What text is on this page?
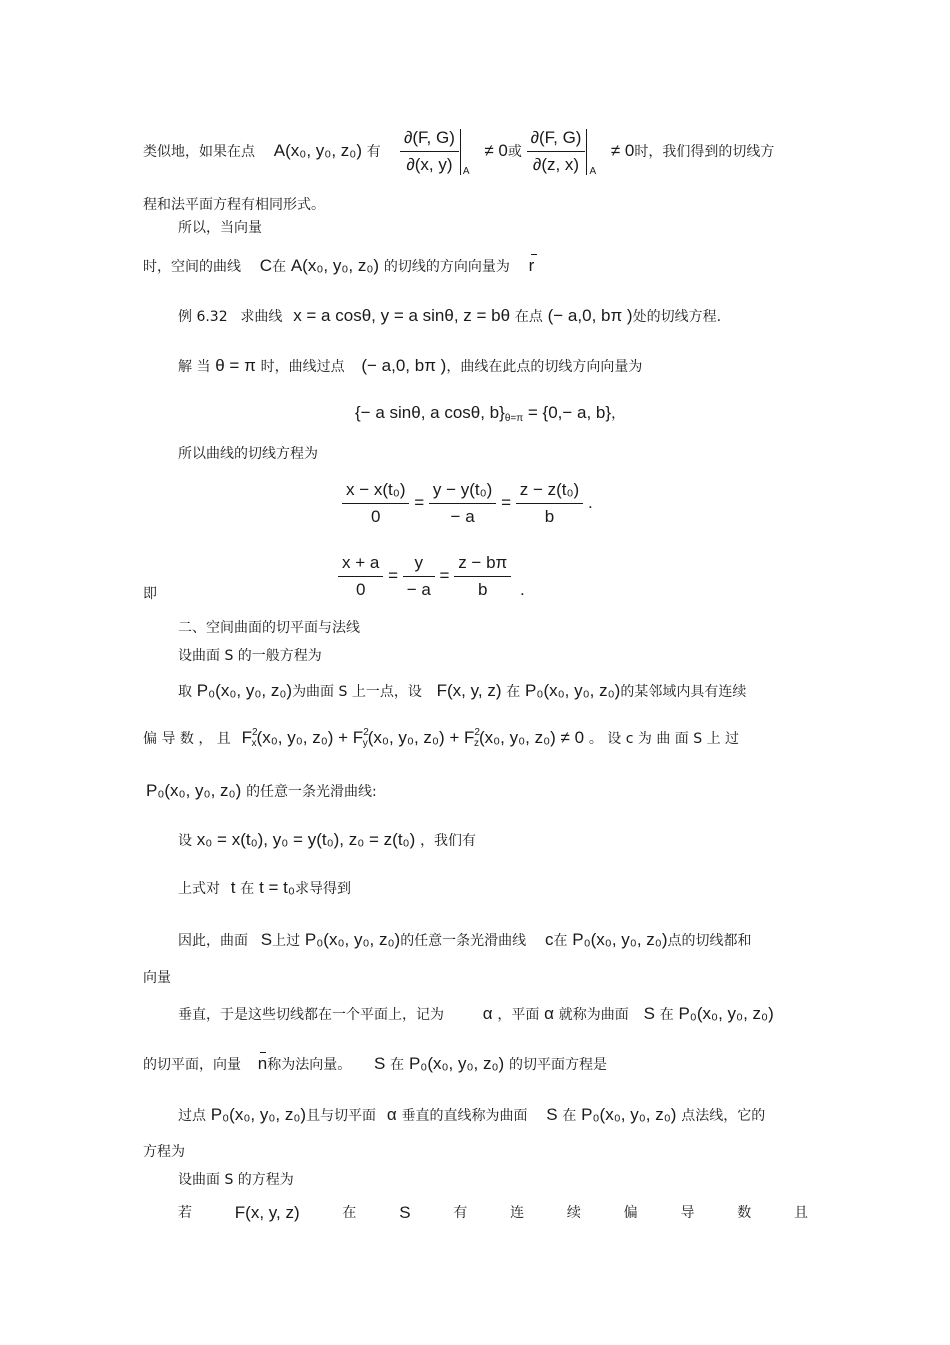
类似地，如果在点 A(x₀, y₀, z₀) 有 $\frac{\partial(F, G)}{\partial(x, y)} _A \ne 0$或 $\frac{\partial(F, G)}{\partial(z, x)} _A \ne 0$时，我们得到的切线方
程和法平面方程有相同形式。
所以，当向量
时，空间的曲线 C在 A(x₀, y₀, z₀) 的切线的方向向量为 r
例 6.32 求曲线 x = a cosθ, y = a sinθ, z = bθ 在点 (− a,0, bπ )处的切线方程.
解 当 θ = π 时，曲线过点 (− a,0, bπ )，曲线在此点的切线方向向量为
{− a sinθ, a cosθ, $b\}_{\theta=\pi} = \{0,- a$, b}，
所以曲线的切线方程为
$\frac{\text{x − x(t₀)}}{0} = \frac{\text{y − y(t₀)}}{- a} = \frac{\text{z − z(t₀)}}{b}$ .
即	$\frac{x + a}{0} = \frac{y}{- a} = \frac{z - b\pi}{b}$ .
二、空间曲面的切平面与法线
设曲面 S 的一般方程为
取 P₀(x₀, y₀, z₀)为曲面 S 上一点，设 F(x, y, z) 在 P₀(x₀, y₀, z₀)的某邻域内具有连续
偏 导 数 ， 且 $F^2_x(x_0$, y₀, $z_0) + F^2_y(x_0$, y₀, $z_0) + F^2_z(x_0$, y₀, z₀) ≠ 0 。 设 c 为 曲 面 S 上 过
P₀(x₀, y₀, z₀) 的任意一条光滑曲线:
设 x₀ = x(t₀), y₀ = y(t₀), z₀ = z(t₀) ，我们有
上式对 t 在 t = t₀求导得到
因此，曲面 S上过 P₀(x₀, y₀, z₀)的任意一条光滑曲线 c在 P₀(x₀, y₀, z₀)点的切线都和
向量
垂直，于是这些切线都在一个平面上，记为 α ，平面 α 就称为曲面 S 在 P₀(x₀, y₀, z₀)
的切平面，向量 n称为法向量。 S 在 P₀(x₀, y₀, z₀) 的切平面方程是
过点 P₀(x₀, y₀, z₀)且与切平面 α 垂直的直线称为曲面 S 在 P₀(x₀, y₀, z₀) 点法线，它的
方程为
设曲面 S 的方程为
若	F(x, y, z)	在	S	有	连	续	偏	导	数	且
